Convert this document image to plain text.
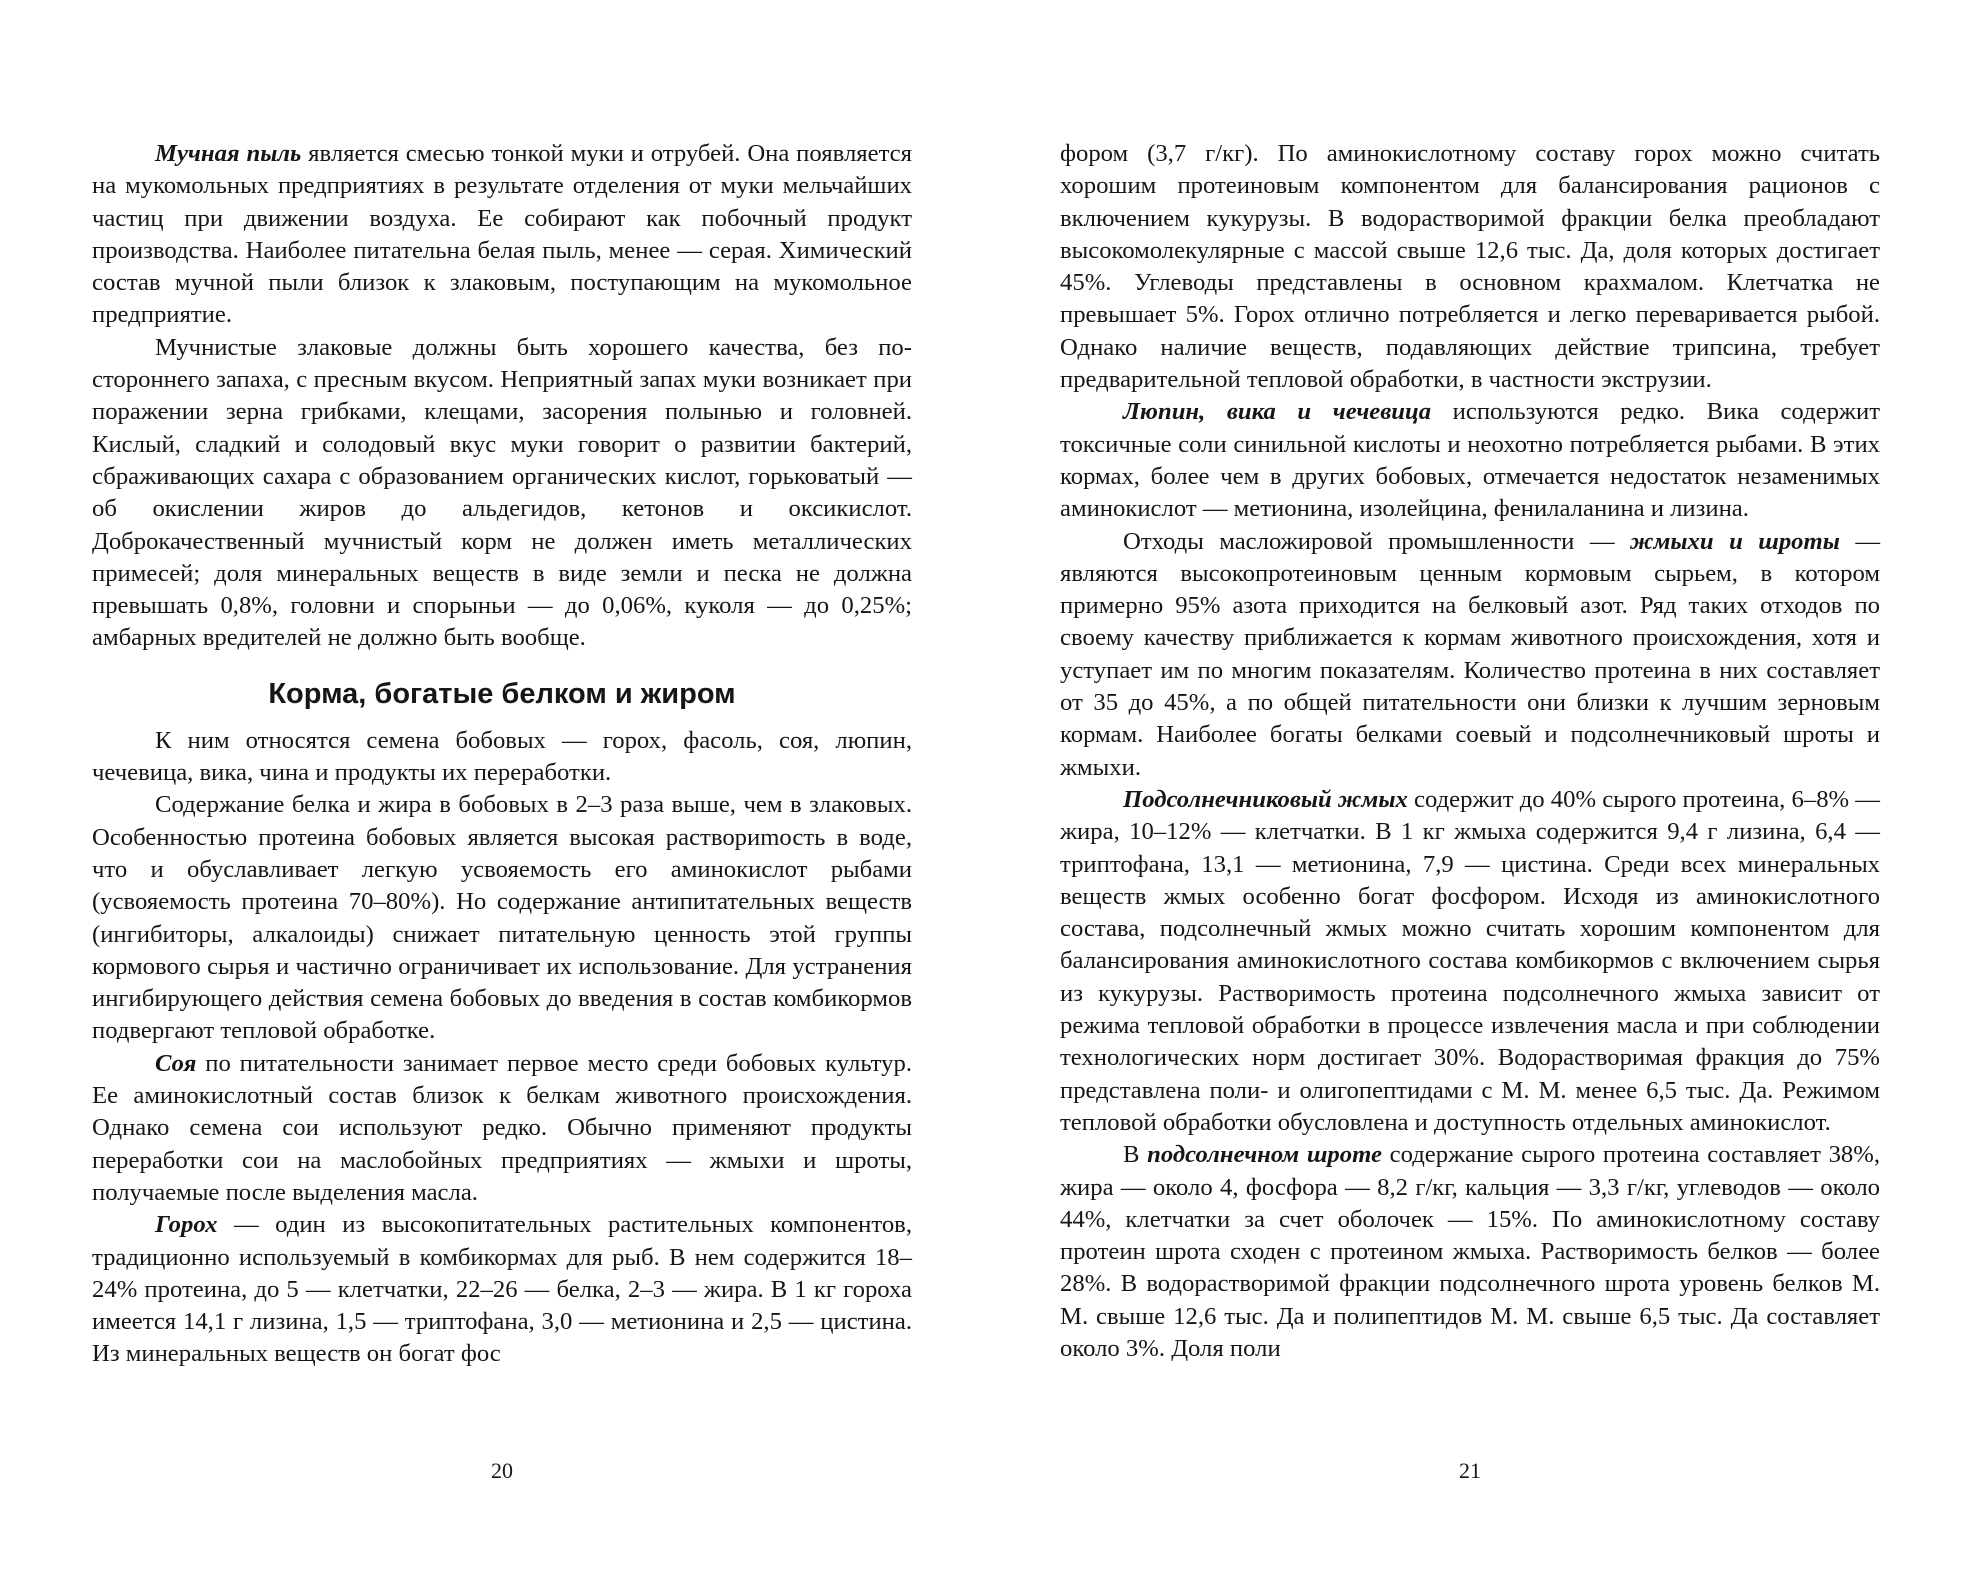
Мучная пыль является смесью тонкой муки и отрубей. Она появляется на мукомольных предприятиях в результате отделения от муки мельчайших частиц при движении воздуха. Ее собирают как побочный продукт производства. Наиболее питательна белая пыль, менее — серая. Химический состав мучной пыли близок к злаковым, поступающим на мукомольное предприятие.

Мучнистые злаковые должны быть хорошего качества, без постороннего запаха, с пресным вкусом. Неприятный запах муки возникает при поражении зерна грибками, клещами, засорения полынью и головней. Кислый, сладкий и солодовый вкус муки говорит о развитии бактерий, сбраживающих сахара с образованием органических кислот, горьковатый — об окислении жиров до альдегидов, кетонов и оксикислот. Доброкачественный мучнистый корм не должен иметь металлических примесей; доля минеральных веществ в виде земли и песка не должна превышать 0,8%, головни и спорыньи — до 0,06%, куколя — до 0,25%; амбарных вредителей не должно быть вообще.

Корма, богатые белком и жиром

К ним относятся семена бобовых — горох, фасоль, соя, люпин, чечевица, вика, чина и продукты их переработки.

Содержание белка и жира в бобовых в 2–3 раза выше, чем в злаковых. Особенностью протеина бобовых является высокая раствориmость в воде, что и обуславливает легкую усвояемость его аминокислот рыбами (усвояемость протеина 70–80%). Но содержание антипитательных веществ (ингибиторы, алкалоиды) снижает питательную ценность этой группы кормового сырья и частично ограничивает их использование. Для устранения ингибирующего действия семена бобовых до введения в состав комбикормов подвергают тепловой обработке.

Соя по питательности занимает первое место среди бобовых культур. Ее аминокислотный состав близок к белкам животного происхождения. Однако семена сои используют редко. Обычно применяют продукты переработки сои на маслобойных предприятиях — жмыхи и шроты, получаемые после выделения масла.

Горох — один из высокопитательных растительных компонентов, традиционно используемый в комбикормах для рыб. В нем содержится 18–24% протеина, до 5 — клетчатки, 22–26 — белка, 2–3 — жира. В 1 кг гороха имеется 14,1 г лизина, 1,5 — триптофана, 3,0 — метионина и 2,5 — цистина. Из минеральных веществ он богат фос

20

фором (3,7 г/кг). По аминокислотному составу горох можно считать хорошим протеиновым компонентом для балансирования рационов с включением кукурузы. В водорастворимой фракции белка преобладают высокомолекулярные с массой свыше 12,6 тыс. Да, доля которых достигает 45%. Углеводы представлены в основном крахмалом. Клетчатка не превышает 5%. Горох отлично потребляется и легко переваривается рыбой. Однако наличие веществ, подавляющих действие трипсина, требует предварительной тепловой обработки, в частности экструзии.

Люпин, вика и чечевица используются редко. Вика содержит токсичные соли синильной кислоты и неохотно потребляется рыбами. В этих кормах, более чем в других бобовых, отмечается недостаток незаменимых аминокислот — метионина, изолейцина, фенилаланина и лизина.

Отходы масложировой промышленности — жмыхи и шроты — являются высокопротеиновым ценным кормовым сырьем, в котором примерно 95% азота приходится на белковый азот. Ряд таких отходов по своему качеству приближается к кормам животного происхождения, хотя и уступает им по многим показателям. Количество протеина в них составляет от 35 до 45%, а по общей питательности они близки к лучшим зерновым кормам. Наиболее богаты белками соевый и подсолнечниковый шроты и жмыхи.

Подсолнечниковый жмых содержит до 40% сырого протеина, 6–8% — жира, 10–12% — клетчатки. В 1 кг жмыха содержится 9,4 г лизина, 6,4 — триптофана, 13,1 — метионина, 7,9 — цистина. Среди всех минеральных веществ жмых особенно богат фосфором. Исходя из аминокислотного состава, подсолнечный жмых можно считать хорошим компонентом для балансирования аминокислотного состава комбикормов с включением сырья из кукурузы. Растворимость протеина подсолнечного жмыха зависит от режима тепловой обработки в процессе извлечения масла и при соблюдении технологических норм достигает 30%. Водорастворимая фракция до 75% представлена поли- и олигопептидами с М. М. менее 6,5 тыс. Да. Режимом тепловой обработки обусловлена и доступность отдельных аминокислот.

В подсолнечном шроте содержание сырого протеина составляет 38%, жира — около 4, фосфора — 8,2 г/кг, кальция — 3,3 г/кг, углеводов — около 44%, клетчатки за счет оболочек — 15%. По аминокислотному составу протеин шрота сходен с протеином жмыха. Растворимость белков — более 28%. В водорастворимой фракции подсолнечного шрота уровень белков М. М. свыше 12,6 тыс. Да и полипептидов М. М. свыше 6,5 тыс. Да составляет около 3%. Доля поли

21
